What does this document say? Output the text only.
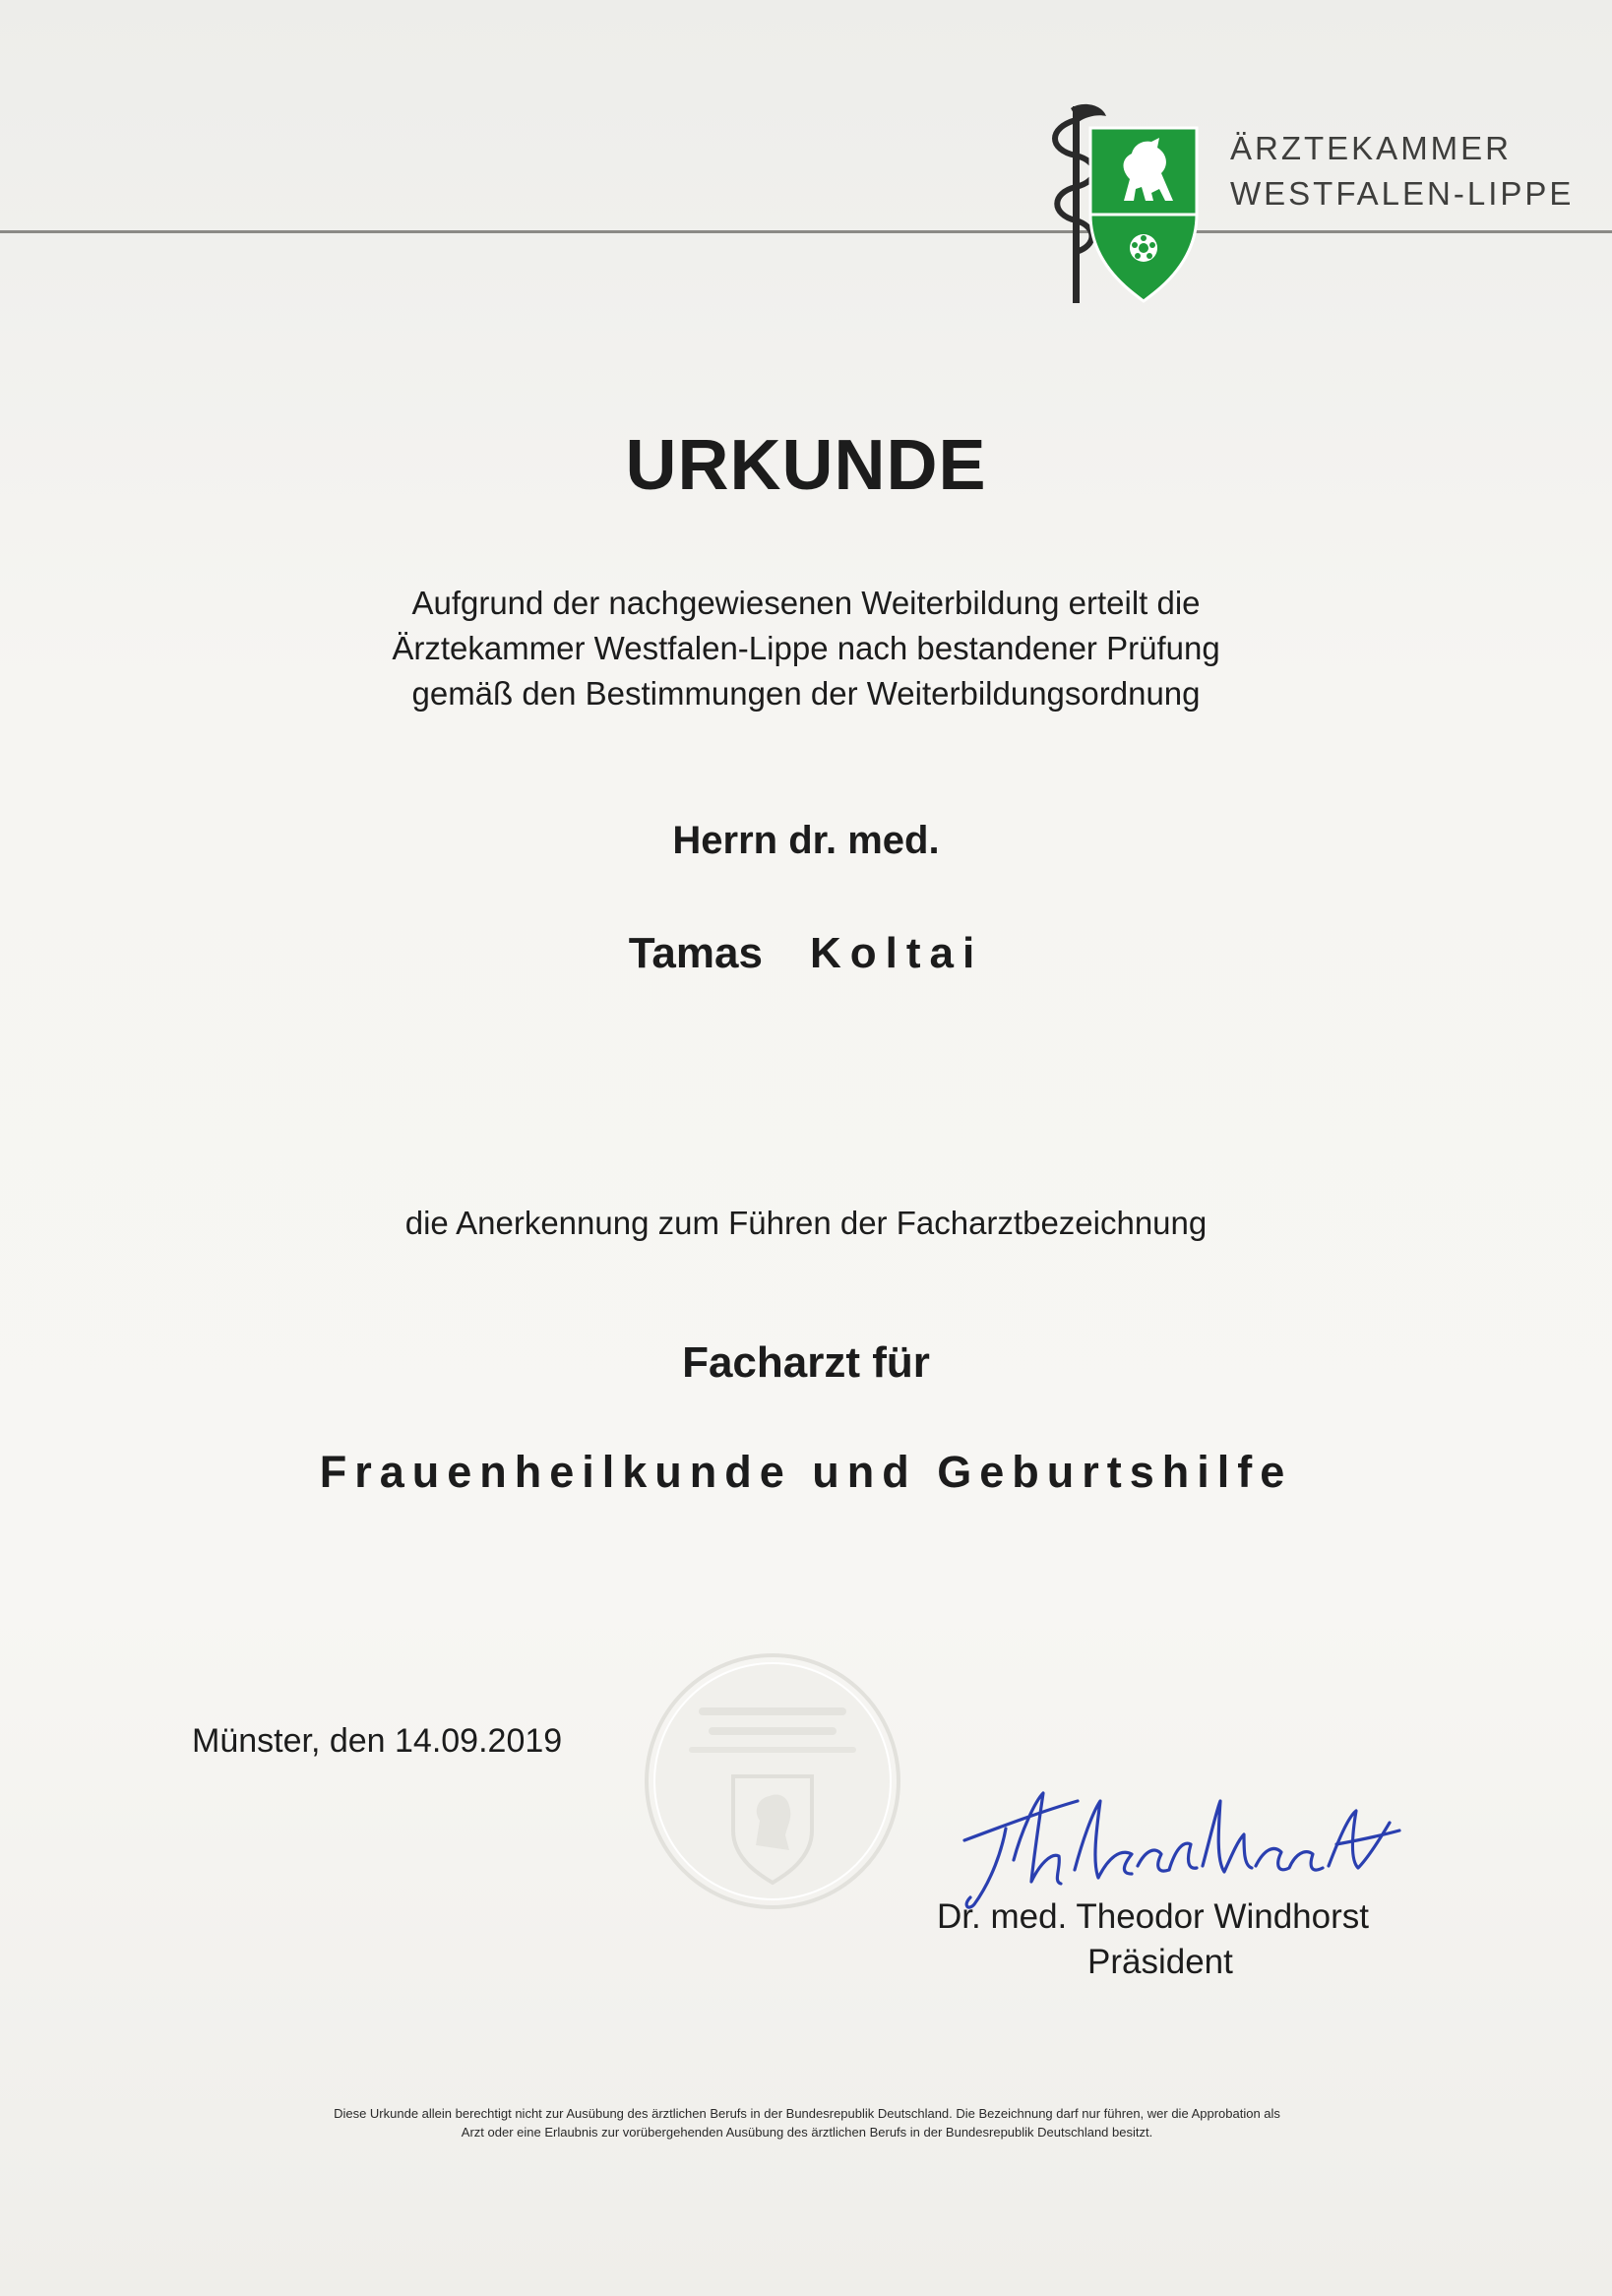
ÄRZTEKAMMER
WESTFALEN-LIPPE
URKUNDE
Aufgrund der nachgewiesenen Weiterbildung erteilt die
Ärztekammer Westfalen-Lippe nach bestandener Prüfung
gemäß den Bestimmungen der Weiterbildungsordnung
Herrn dr. med.
Tamas Koltai
die Anerkennung zum Führen der Facharztbezeichnung
Facharzt für
Frauenheilkunde und Geburtshilfe
Münster, den 14.09.2019
Dr. med. Theodor Windhorst
Präsident
Diese Urkunde allein berechtigt nicht zur Ausübung des ärztlichen Berufs in der Bundesrepublik Deutschland. Die Bezeichnung darf nur führen, wer die Approbation als
Arzt oder eine Erlaubnis zur vorübergehenden Ausübung des ärztlichen Berufs in der Bundesrepublik Deutschland besitzt.
